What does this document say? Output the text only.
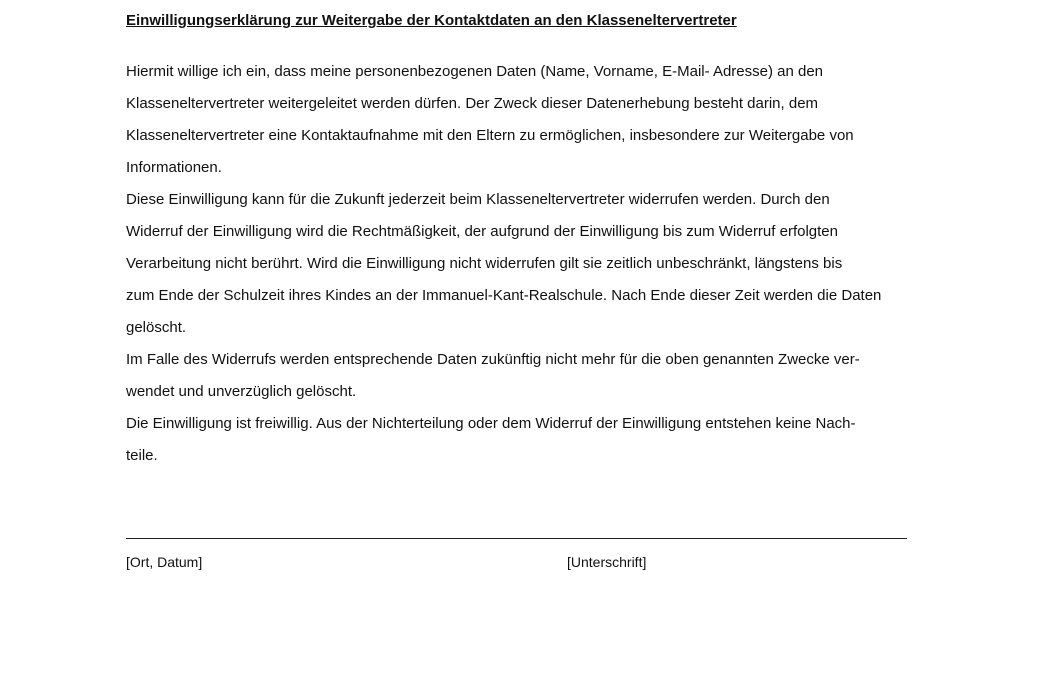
Einwilligungserklärung zur Weitergabe der Kontaktdaten an den Klasseneltervertreter

Hiermit willige ich ein, dass meine personenbezogenen Daten (Name, Vorname, E-Mail- Adresse) an den
Klasseneltervertreter weitergeleitet werden dürfen. Der Zweck dieser Datenerhebung besteht darin, dem
Klasseneltervertreter eine Kontaktaufnahme mit den Eltern zu ermöglichen, insbesondere zur Weitergabe von
Informationen.

Diese Einwilligung kann für die Zukunft jederzeit beim Klasseneltervertreter widerrufen werden. Durch den
Widerruf der Einwilligung wird die Rechtmäßigkeit, der aufgrund der Einwilligung bis zum Widerruf erfolgten
Verarbeitung nicht berührt. Wird die Einwilligung nicht widerrufen gilt sie zeitlich unbeschränkt, längstens bis
zum Ende der Schulzeit ihres Kindes an der Immanuel-Kant-Realschule. Nach Ende dieser Zeit werden die Daten
gelöscht.

Im Falle des Widerrufs werden entsprechende Daten zukünftig nicht mehr für die oben genannten Zwecke ver-
wendet und unverzüglich gelöscht.

Die Einwilligung ist freiwillig. Aus der Nichterteilung oder dem Widerruf der Einwilligung entstehen keine Nach-
teile.

[Ort, Datum]	[Unterschrift]
